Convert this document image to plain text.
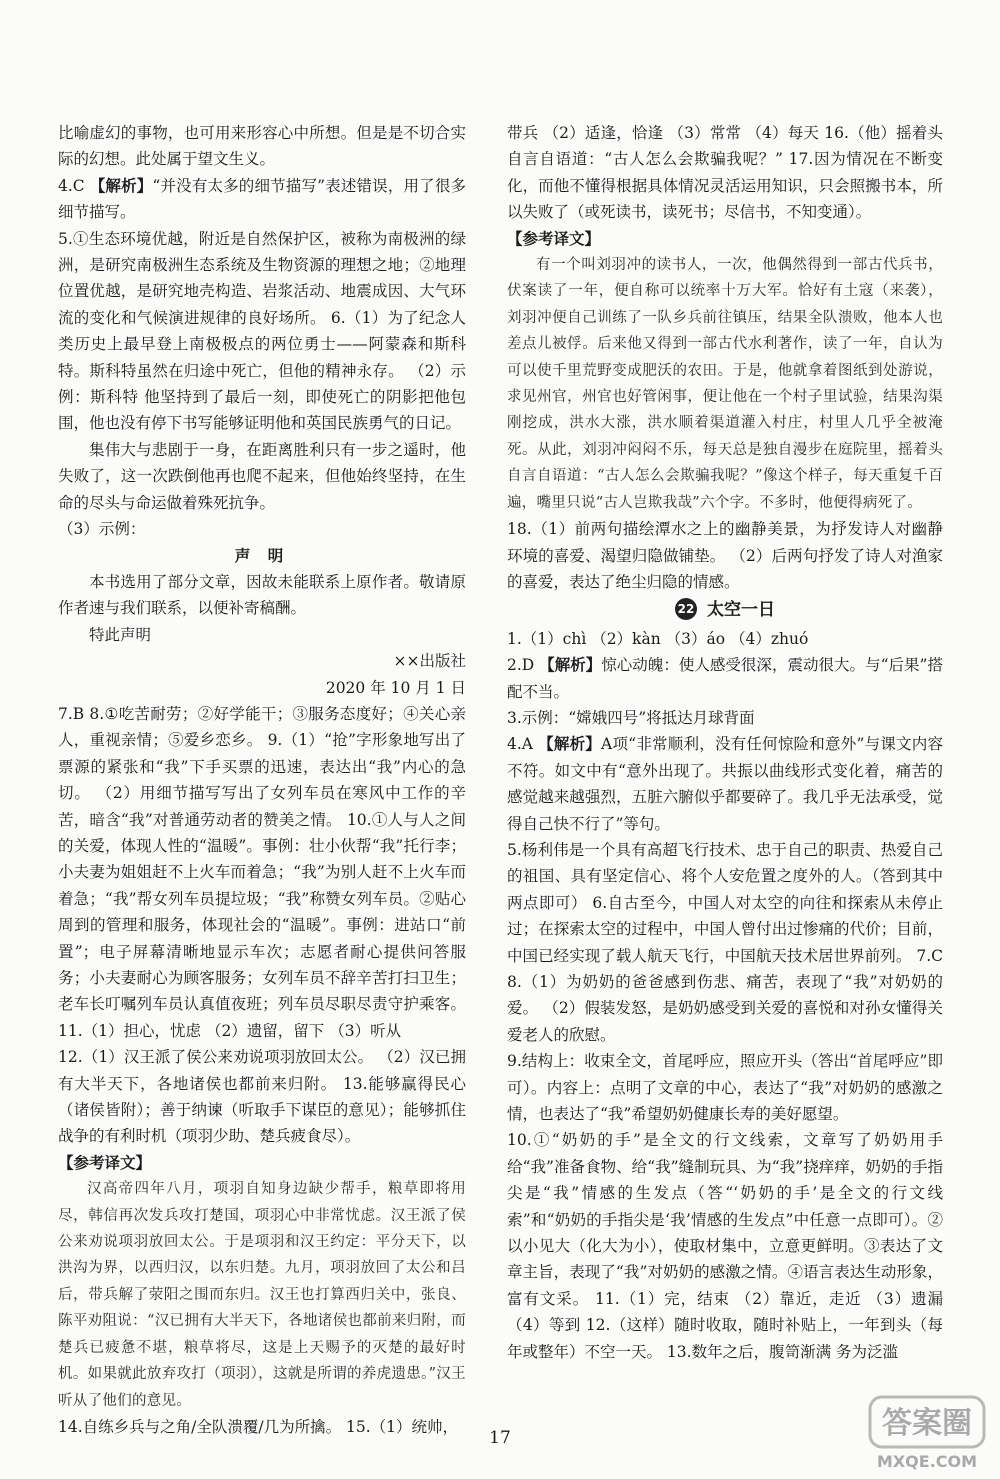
比喻虚幻的事物，也可用来形容心中所想。但是是不切合实际的幻想。此处属于望文生义。

4.C 【解析】“并没有太多的细节描写”表述错误，用了很多细节描写。

5.①生态环境优越，附近是自然保护区，被称为南极洲的绿洲，是研究南极洲生态系统及生物资源的理想之地；②地理位置优越，是研究地壳构造、岩浆活动、地震成因、大气环流的变化和气候演进规律的良好场所。 6.（1）为了纪念人类历史上最早登上南极极点的两位勇士——阿蒙森和斯科特。斯科特虽然在归途中死亡，但他的精神永存。 （2）示例：斯科特 他坚持到了最后一刻，即使死亡的阴影把他包围，他也没有停下书写能够证明他和英国民族勇气的日记。

集伟大与悲剧于一身，在距离胜利只有一步之遥时，他失败了，这一次跌倒他再也爬不起来，但他始终坚持，在生命的尽头与命运做着殊死抗争。

（3）示例：

声 明

本书选用了部分文章，因故未能联系上原作者。敬请原作者速与我们联系，以便补寄稿酬。

特此声明

××出版社

2020 年 10 月 1 日

7.B 8.①吃苦耐劳；②好学能干；③服务态度好；④关心亲人，重视亲情；⑤爱乡恋乡。 9.（1）“抢”字形象地写出了票源的紧张和“我”下手买票的迅速，表达出“我”内心的急切。 （2）用细节描写写出了女列车员在寒风中工作的辛苦，暗含“我”对普通劳动者的赞美之情。 10.①人与人之间的关爱，体现人性的“温暖”。事例：壮小伙帮“我”托行李；小夫妻为姐姐赶不上火车而着急；“我”为别人赶不上火车而着急；“我”帮女列车员提垃圾；“我”称赞女列车员。②贴心周到的管理和服务，体现社会的“温暖”。事例：进站口“前置”；电子屏幕清晰地显示车次；志愿者耐心提供问答服务；小夫妻耐心为顾客服务；女列车员不辞辛苦打扫卫生；老车长叮嘱列车员认真值夜班；列车员尽职尽责守护乘客。 11.（1）担心，忧虑 （2）遗留，留下 （3）听从

12.（1）汉王派了侯公来劝说项羽放回太公。 （2）汉已拥有大半天下，各地诸侯也都前来归附。 13.能够赢得民心（诸侯皆附）；善于纳谏（听取手下谋臣的意见）；能够抓住战争的有利时机（项羽少助、楚兵疲食尽）。

【参考译文】

汉高帝四年八月，项羽自知身边缺少帮手，粮草即将用尽，韩信再次发兵攻打楚国，项羽心中非常忧虑。汉王派了侯公来劝说项羽放回太公。于是项羽和汉王约定：平分天下，以洪沟为界，以西归汉，以东归楚。九月，项羽放回了太公和吕后，带兵解了荥阳之围而东归。汉王也打算西归关中，张良、陈平劝阻说：“汉已拥有大半天下，各地诸侯也都前来归附，而楚兵已疲惫不堪，粮草将尽，这是上天赐予的灭楚的最好时机。如果就此放弃攻打（项羽），这就是所谓的养虎遗患。”汉王听从了他们的意见。

14.自练乡兵与之角/全队溃覆/几为所擒。 15.（1）统帅，

带兵 （2）适逢，恰逢 （3）常常 （4）每天 16.（他）摇着头自言自语道：“古人怎么会欺骗我呢？” 17.因为情况在不断变化，而他不懂得根据具体情况灵活运用知识，只会照搬书本，所以失败了（或死读书，读死书；尽信书，不知变通）。

【参考译文】

有一个叫刘羽冲的读书人，一次，他偶然得到一部古代兵书，伏案读了一年，便自称可以统率十万大军。恰好有土寇（来袭），刘羽冲便自己训练了一队乡兵前往镇压，结果全队溃败，他本人也差点儿被俘。后来他又得到一部古代水利著作，读了一年，自认为可以使千里荒野变成肥沃的农田。于是，他就拿着图纸到处游说，求见州官，州官也好管闲事，便让他在一个村子里试验，结果沟渠刚挖成，洪水大涨，洪水顺着渠道灌入村庄，村里人几乎全被淹死。从此，刘羽冲闷闷不乐，每天总是独自漫步在庭院里，摇着头自言自语道：“古人怎么会欺骗我呢？”像这个样子，每天重复千百遍，嘴里只说“古人岂欺我哉”六个字。不多时，他便得病死了。

18.（1）前两句描绘潭水之上的幽静美景，为抒发诗人对幽静环境的喜爱、渴望归隐做铺垫。 （2）后两句抒发了诗人对渔家的喜爱，表达了绝尘归隐的情感。

22 太空一日

1.（1）chì （2）kàn （3）áo （4）zhuó

2.D 【解析】惊心动魄：使人感受很深，震动很大。与“后果”搭配不当。

3.示例：“嫦娥四号”将抵达月球背面

4.A 【解析】A项“非常顺利，没有任何惊险和意外”与课文内容不符。如文中有“意外出现了。共振以曲线形式变化着，痛苦的感觉越来越强烈，五脏六腑似乎都要碎了。我几乎无法承受，觉得自己快不行了”等句。

5.杨利伟是一个具有高超飞行技术、忠于自己的职责、热爱自己的祖国、具有坚定信心、将个人安危置之度外的人。（答到其中两点即可） 6.自古至今，中国人对太空的向往和探索从未停止过；在探索太空的过程中，中国人曾付出过惨痛的代价；目前，中国已经实现了载人航天飞行，中国航天技术居世界前列。 7.C 8.（1）为奶奶的爸爸感到伤悲、痛苦，表现了“我”对奶奶的爱。 （2）假装发怒，是奶奶感受到关爱的喜悦和对孙女懂得关爱老人的欣慰。

9.结构上：收束全文，首尾呼应，照应开头（答出“首尾呼应”即可）。内容上：点明了文章的中心，表达了“我”对奶奶的感激之情，也表达了“我”希望奶奶健康长寿的美好愿望。

10.①“奶奶的手”是全文的行文线索，文章写了奶奶用手给“我”准备食物、给“我”缝制玩具、为“我”挠痒痒，奶奶的手指尖是“我”情感的生发点（答“‘奶奶的手’是全文的行文线索”和“奶奶的手指尖是‘我’情感的生发点”中任意一点即可）。②以小见大（化大为小），使取材集中，立意更鲜明。③表达了文章主旨，表现了“我”对奶奶的感激之情。④语言表达生动形象，富有文采。 11.（1）完，结束 （2）靠近，走近 （3）遗漏 （4）等到 12.（这样）随时收取，随时补贴上，一年到头（每年或整年）不空一天。 13.数年之后，腹笥渐满 务为泛滥

17	答案圈
MXQE.COM
